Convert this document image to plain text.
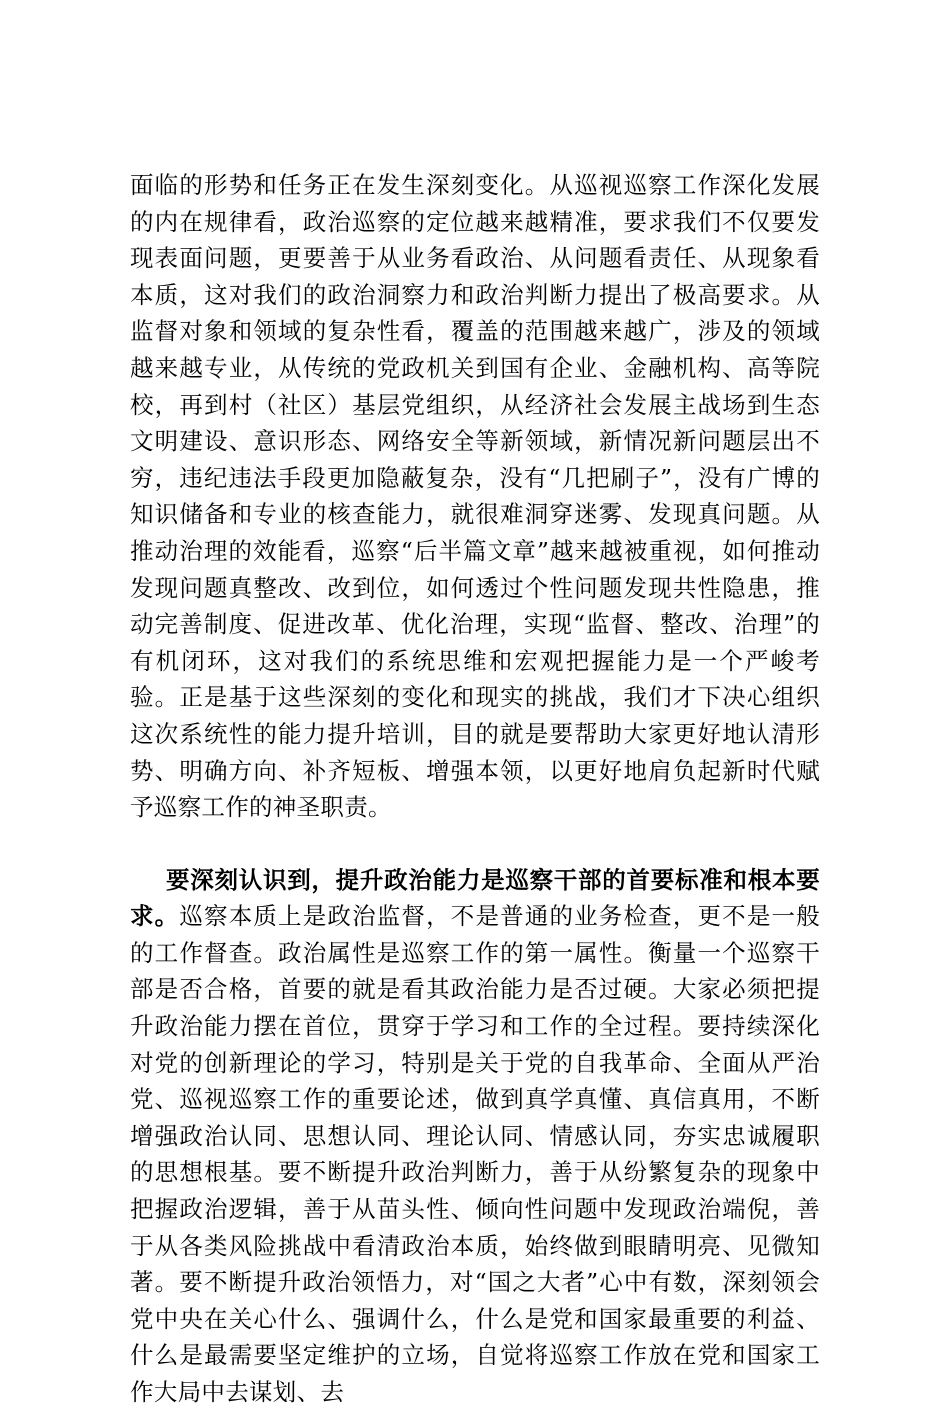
面临的形势和任务正在发生深刻变化。从巡视巡察工作深化发展的内在规律看，政治巡察的定位越来越精准，要求我们不仅要发现表面问题，更要善于从业务看政治、从问题看责任、从现象看本质，这对我们的政治洞察力和政治判断力提出了极高要求。从监督对象和领域的复杂性看，覆盖的范围越来越广，涉及的领域越来越专业，从传统的党政机关到国有企业、金融机构、高等院校，再到村（社区）基层党组织，从经济社会发展主战场到生态文明建设、意识形态、网络安全等新领域，新情况新问题层出不穷，违纪违法手段更加隐蔽复杂，没有“几把刷子”，没有广博的知识储备和专业的核查能力，就很难洞穿迷雾、发现真问题。从推动治理的效能看，巡察“后半篇文章”越来越被重视，如何推动发现问题真整改、改到位，如何透过个性问题发现共性隐患，推动完善制度、促进改革、优化治理，实现“监督、整改、治理”的有机闭环，这对我们的系统思维和宏观把握能力是一个严峻考验。正是基于这些深刻的变化和现实的挑战，我们才下决心组织这次系统性的能力提升培训，目的就是要帮助大家更好地认清形势、明确方向、补齐短板、增强本领，以更好地肩负起新时代赋予巡察工作的神圣职责。

要深刻认识到，提升政治能力是巡察干部的首要标准和根本要求。巡察本质上是政治监督，不是普通的业务检查，更不是一般的工作督查。政治属性是巡察工作的第一属性。衡量一个巡察干部是否合格，首要的就是看其政治能力是否过硬。大家必须把提升政治能力摆在首位，贯穿于学习和工作的全过程。要持续深化对党的创新理论的学习，特别是关于党的自我革命、全面从严治党、巡视巡察工作的重要论述，做到真学真懂、真信真用，不断增强政治认同、思想认同、理论认同、情感认同，夯实忠诚履职的思想根基。要不断提升政治判断力，善于从纷繁复杂的现象中把握政治逻辑，善于从苗头性、倾向性问题中发现政治端倪，善于从各类风险挑战中看清政治本质，始终做到眼睛明亮、见微知著。要不断提升政治领悟力，对“国之大者”心中有数，深刻领会党中央在关心什么、强调什么，什么是党和国家最重要的利益、什么是最需要坚定维护的立场，自觉将巡察工作放在党和国家工作大局中去谋划、去
